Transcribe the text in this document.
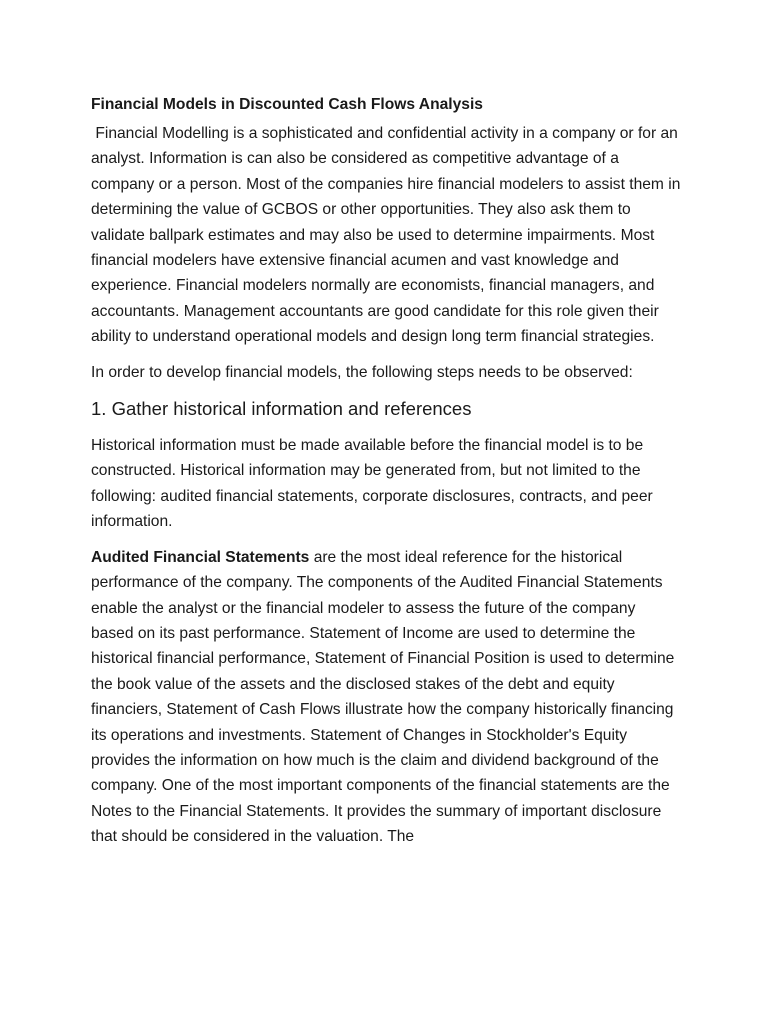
Financial Models in Discounted Cash Flows Analysis

Financial Modelling is a sophisticated and confidential activity in a company or for an analyst. Information is can also be considered as competitive advantage of a company or a person. Most of the companies hire financial modelers to assist them in determining the value of GCBOS or other opportunities. They also ask them to validate ballpark estimates and may also be used to determine impairments. Most financial modelers have extensive financial acumen and vast knowledge and experience. Financial modelers normally are economists, financial managers, and accountants. Management accountants are good candidate for this role given their ability to understand operational models and design long term financial strategies.

In order to develop financial models, the following steps needs to be observed:

1. Gather historical information and references

Historical information must be made available before the financial model is to be constructed. Historical information may be generated from, but not limited to the following: audited financial statements, corporate disclosures, contracts, and peer information.

Audited Financial Statements are the most ideal reference for the historical performance of the company. The components of the Audited Financial Statements enable the analyst or the financial modeler to assess the future of the company based on its past performance. Statement of Income are used to determine the historical financial performance, Statement of Financial Position is used to determine the book value of the assets and the disclosed stakes of the debt and equity financiers, Statement of Cash Flows illustrate how the company historically financing its operations and investments. Statement of Changes in Stockholder's Equity provides the information on how much is the claim and dividend background of the company. One of the most important components of the financial statements are the Notes to the Financial Statements. It provides the summary of important disclosure that should be considered in the valuation. The
